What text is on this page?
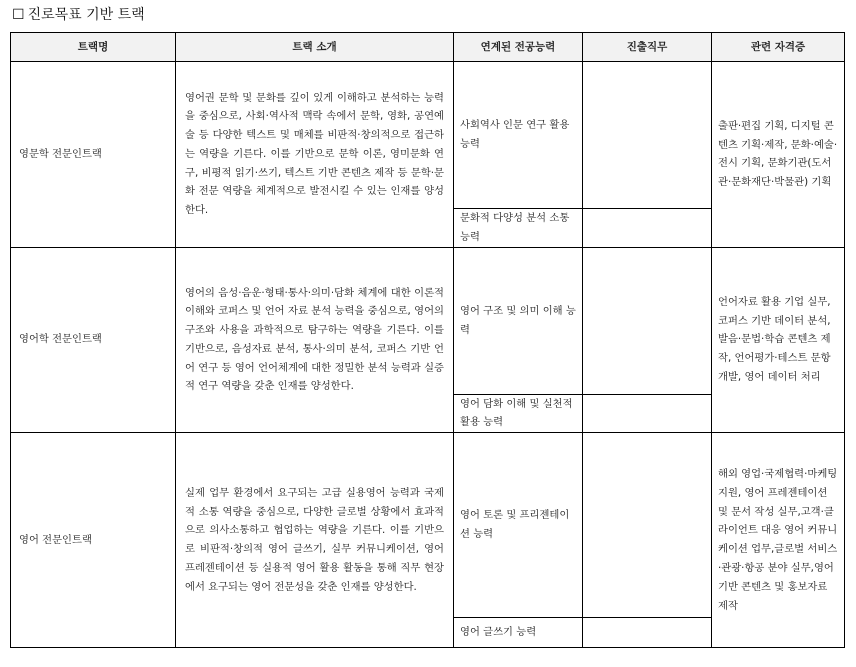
☐ 진로목표 기반 트랙
트랙명	트랙 소개	연계된 전공능력	진출직무	관련 자격증
영문학 전문인트랙	영어권 문학 및 문화를 깊이 있게 이해하고 분석하는 능력을 중심으로, 사회·역사적 맥락 속에서 문학, 영화, 공연예술 등 다양한 텍스트 및 매체를 비판적·창의적으로 접근하는 역량을 기른다. 이를 기반으로 문학 이론, 영미문화 연구, 비평적 읽기·쓰기, 텍스트 기반 콘텐츠 제작 등 문학·문화 전문 역량을 체계적으로 발전시킬 수 있는 인재를 양성한다.	사회역사 인문 연구 활용 능력		출판·편집 기획, 디지털 콘텐츠 기획·제작, 문화·예술·전시 기획, 문화기관(도서관·문화재단·박물관) 기획
		문화적 다양성 분석 소통 능력		
영어학 전문인트랙	영어의 음성·음운·형태·통사·의미·담화 체계에 대한 이론적 이해와 코퍼스 및 언어 자료 분석 능력을 중심으로, 영어의 구조와 사용을 과학적으로 탐구하는 역량을 기른다. 이를 기반으로, 음성자료 분석, 통사·의미 분석, 코퍼스 기반 언어 연구 등 영어 언어체계에 대한 정밀한 분석 능력과 실증적 연구 역량을 갖춘 인재를 양성한다.	영어 구조 및 의미 이해 능력		언어자료 활용 기업 실무, 코퍼스 기반 데이터 분석, 발음·문법·학습 콘텐츠 제작, 언어평가·테스트 문항 개발, 영어 데이터 처리
		영어 담화 이해 및 실천적 활용 능력		
영어 전문인트랙	실제 업무 환경에서 요구되는 고급 실용영어 능력과 국제적 소통 역량을 중심으로, 다양한 글로벌 상황에서 효과적으로 의사소통하고 협업하는 역량을 기른다. 이를 기반으로 비판적·창의적 영어 글쓰기, 실무 커뮤니케이션, 영어 프레젠테이션 등 실용적 영어 활용 활동을 통해 직무 현장에서 요구되는 영어 전문성을 갖춘 인재를 양성한다.	영어 토론 및 프리젠테이션 능력		해외 영업·국제협력·마케팅 지원, 영어 프레젠테이션 및 문서 작성 실무,고객·클라이언트 대응 영어 커뮤니케이션 업무,글로벌 서비스·관광·항공 분야 실무,영어 기반 콘텐츠 및 홍보자료 제작
		영어 글쓰기 능력		
